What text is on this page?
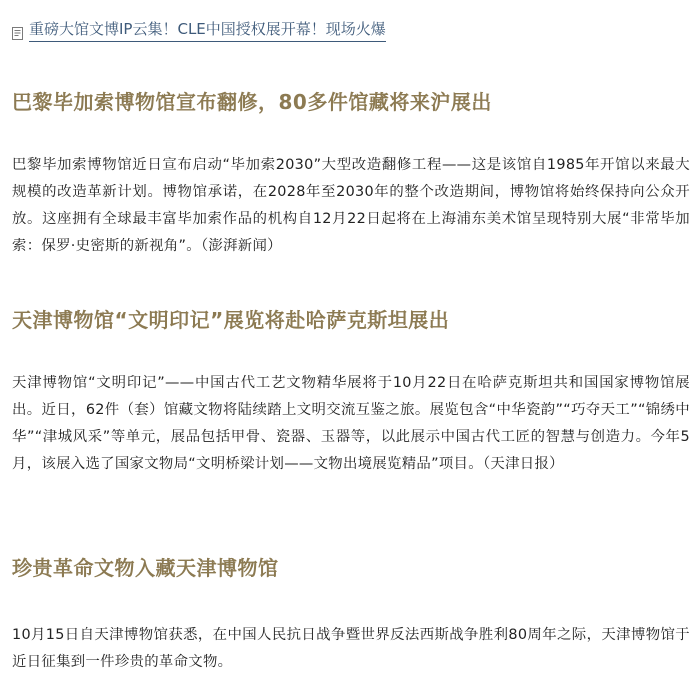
重磅大馆文博IP云集！CLE中国授权展开幕！现场火爆
巴黎毕加索博物馆宣布翻修，80多件馆藏将来沪展出

巴黎毕加索博物馆近日宣布启动“毕加索2030”大型改造翻修工程——这是该馆自1985年开馆以来最大规模的改造革新计划。博物馆承诺，在2028年至2030年的整个改造期间，博物馆将始终保持向公众开放。这座拥有全球最丰富毕加索作品的机构自12月22日起将在上海浦东美术馆呈现特别大展“非常毕加索：保罗·史密斯的新视角”。（澎湃新闻）

天津博物馆“文明印记”展览将赴哈萨克斯坦展出

天津博物馆“文明印记”——中国古代工艺文物精华展将于10月22日在哈萨克斯坦共和国国家博物馆展出。近日，62件（套）馆藏文物将陆续踏上文明交流互鉴之旅。展览包含“中华瓷韵”“巧夺天工”“锦绣中华”“津城风采”等单元，展品包括甲骨、瓷器、玉器等，以此展示中国古代工匠的智慧与创造力。今年5月，该展入选了国家文物局“文明桥梁计划——文物出境展览精品”项目。（天津日报）

珍贵革命文物入藏天津博物馆

10月15日自天津博物馆获悉，在中国人民抗日战争暨世界反法西斯战争胜利80周年之际，天津博物馆于近日征集到一件珍贵的革命文物。
